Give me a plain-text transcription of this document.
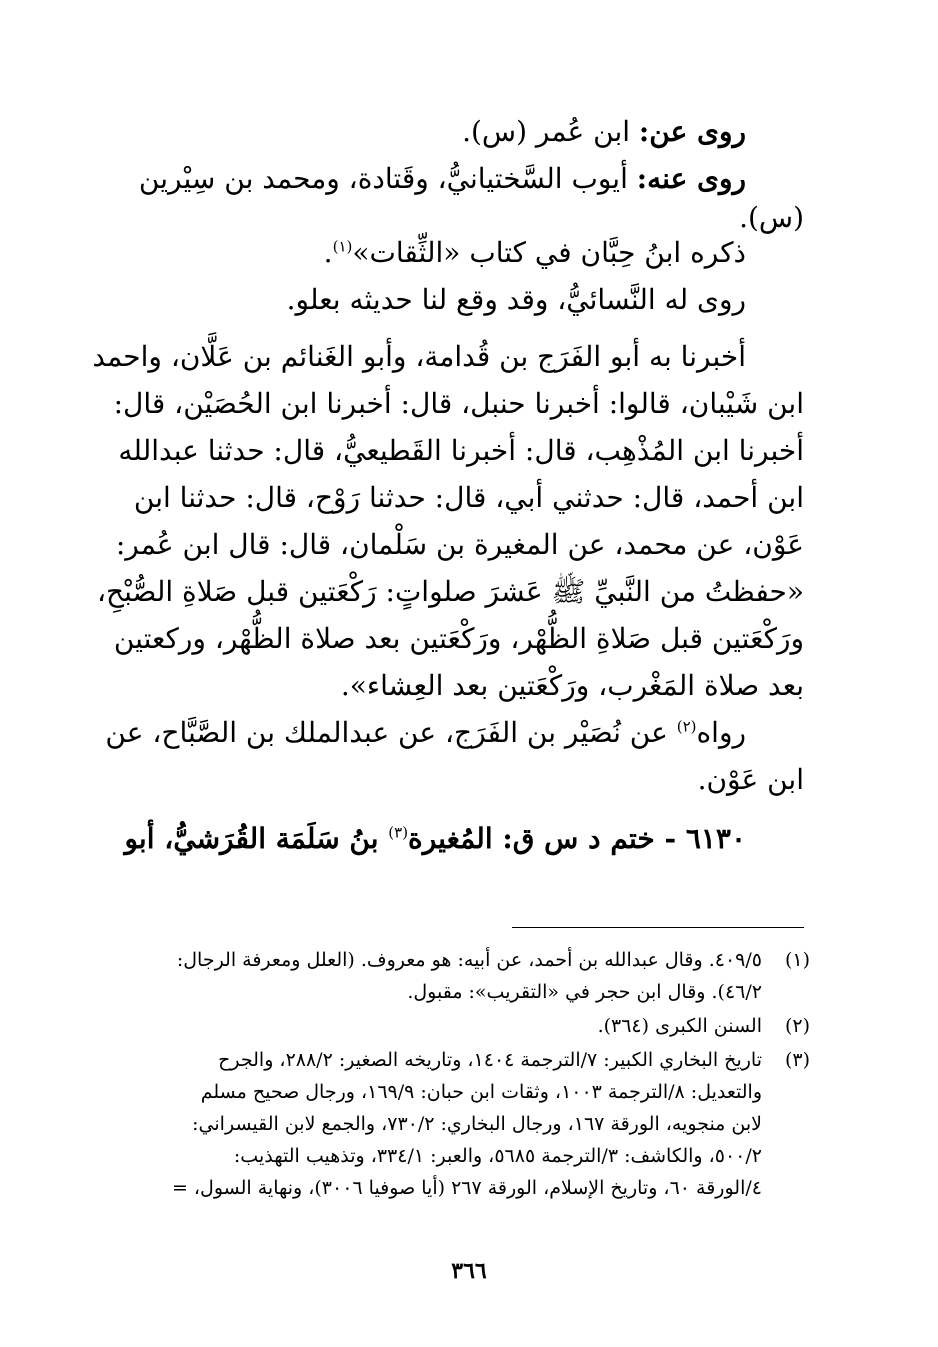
روى عن: ابن عُمر (س).

روى عنه: أيوب السَّختيانيُّ، وقَتادة، ومحمد بن سِيْرين

(س).

ذكره ابنُ حِبَّان في كتاب «الثِّقات»$^{(١)}$.

روى له النَّسائيُّ، وقد وقع لنا حديثه بعلو.

أخبرنا به أبو الفَرَج بن قُدامة، وأبو الغَنائم بن عَلَّان، واحمد

ابن شَيْبان، قالوا: أخبرنا حنبل، قال: أخبرنا ابن الحُصَيْن، قال:

أخبرنا ابن المُذْهِب، قال: أخبرنا القَطيعيُّ، قال: حدثنا عبدالله

ابن أحمد، قال: حدثني أبي، قال: حدثنا رَوْح، قال: حدثنا ابن

عَوْن، عن محمد، عن المغيرة بن سَلْمان، قال: قال ابن عُمر:

«حفظتُ من النَّبيِّ ﷺ عَشرَ صلواتٍ: رَكْعَتين قبل صَلاةِ الصُّبْحِ،

ورَكْعَتين قبل صَلاةِ الظُّهْر، ورَكْعَتين بعد صلاة الظُّهْر، وركعتين

بعد صلاة المَغْرب، ورَكْعَتين بعد العِشاء».

رواه$^{(٢)}$ عن نُصَيْر بن الفَرَج، عن عبدالملك بن الصَّبَّاح، عن

ابن عَوْن.

٦١٣٠ - ختم د س ق: المُغيرة$^{(٣)}$ بنُ سَلَمَة القُرَشيُّ، أبو

(١)
٤٠٩/٥. وقال عبدالله بن أحمد، عن أبيه: هو معروف. (العلل ومعرفة الرجال:
٤٦/٢). وقال ابن حجر في «التقريب»: مقبول.
(٢)
السنن الكبرى (٣٦٤).
(٣)
تاريخ البخاري الكبير: ٧/الترجمة ١٤٠٤، وتاريخه الصغير: ٢٨٨/٢، والجرح
والتعديل: ٨/الترجمة ١٠٠٣، وثقات ابن حبان: ١٦٩/٩، ورجال صحيح مسلم
لابن منجويه، الورقة ١٦٧، ورجال البخاري: ٧٣٠/٢، والجمع لابن القيسراني:
٥٠٠/٢، والكاشف: ٣/الترجمة ٥٦٨٥، والعبر: ٣٣٤/١، وتذهيب التهذيب:
٤/الورقة ٦٠، وتاريخ الإسلام، الورقة ٢٦٧ (أيا صوفيا ٣٠٠٦)، ونهاية السول، =
٣٦٦
